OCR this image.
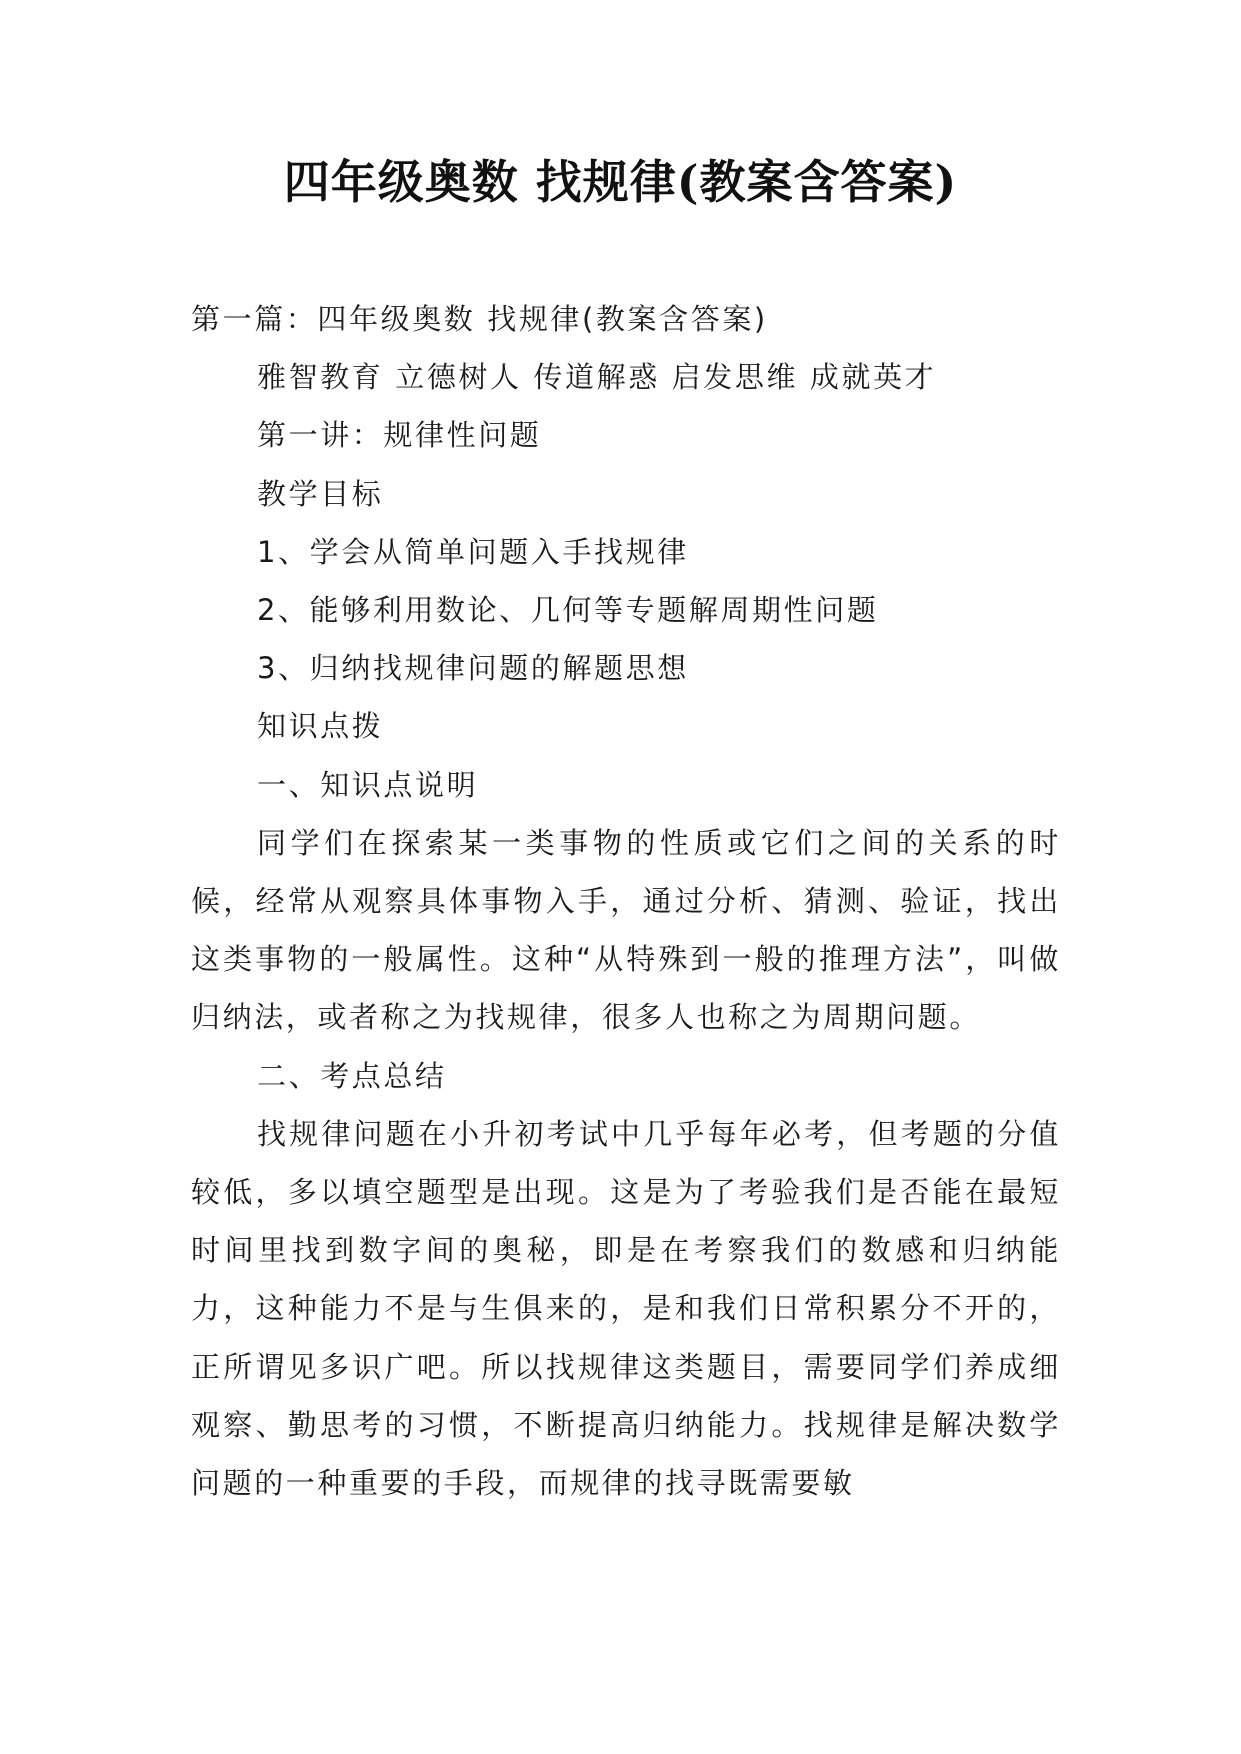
四年级奥数 找规律(教案含答案)

第一篇：四年级奥数 找规律(教案含答案)

雅智教育 立德树人 传道解惑 启发思维 成就英才

第一讲：规律性问题

教学目标

1、学会从简单问题入手找规律

2、能够利用数论、几何等专题解周期性问题

3、归纳找规律问题的解题思想

知识点拨

一、知识点说明

同学们在探索某一类事物的性质或它们之间的关系的时候，经常从观察具体事物入手，通过分析、猜测、验证，找出这类事物的一般属性。这种“从特殊到一般的推理方法”，叫做归纳法，或者称之为找规律，很多人也称之为周期问题。

二、考点总结

找规律问题在小升初考试中几乎每年必考，但考题的分值较低，多以填空题型是出现。这是为了考验我们是否能在最短时间里找到数字间的奥秘，即是在考察我们的数感和归纳能力，这种能力不是与生俱来的，是和我们日常积累分不开的，正所谓见多识广吧。所以找规律这类题目，需要同学们养成细观察、勤思考的习惯，不断提高归纳能力。找规律是解决数学问题的一种重要的手段，而规律的找寻既需要敏
